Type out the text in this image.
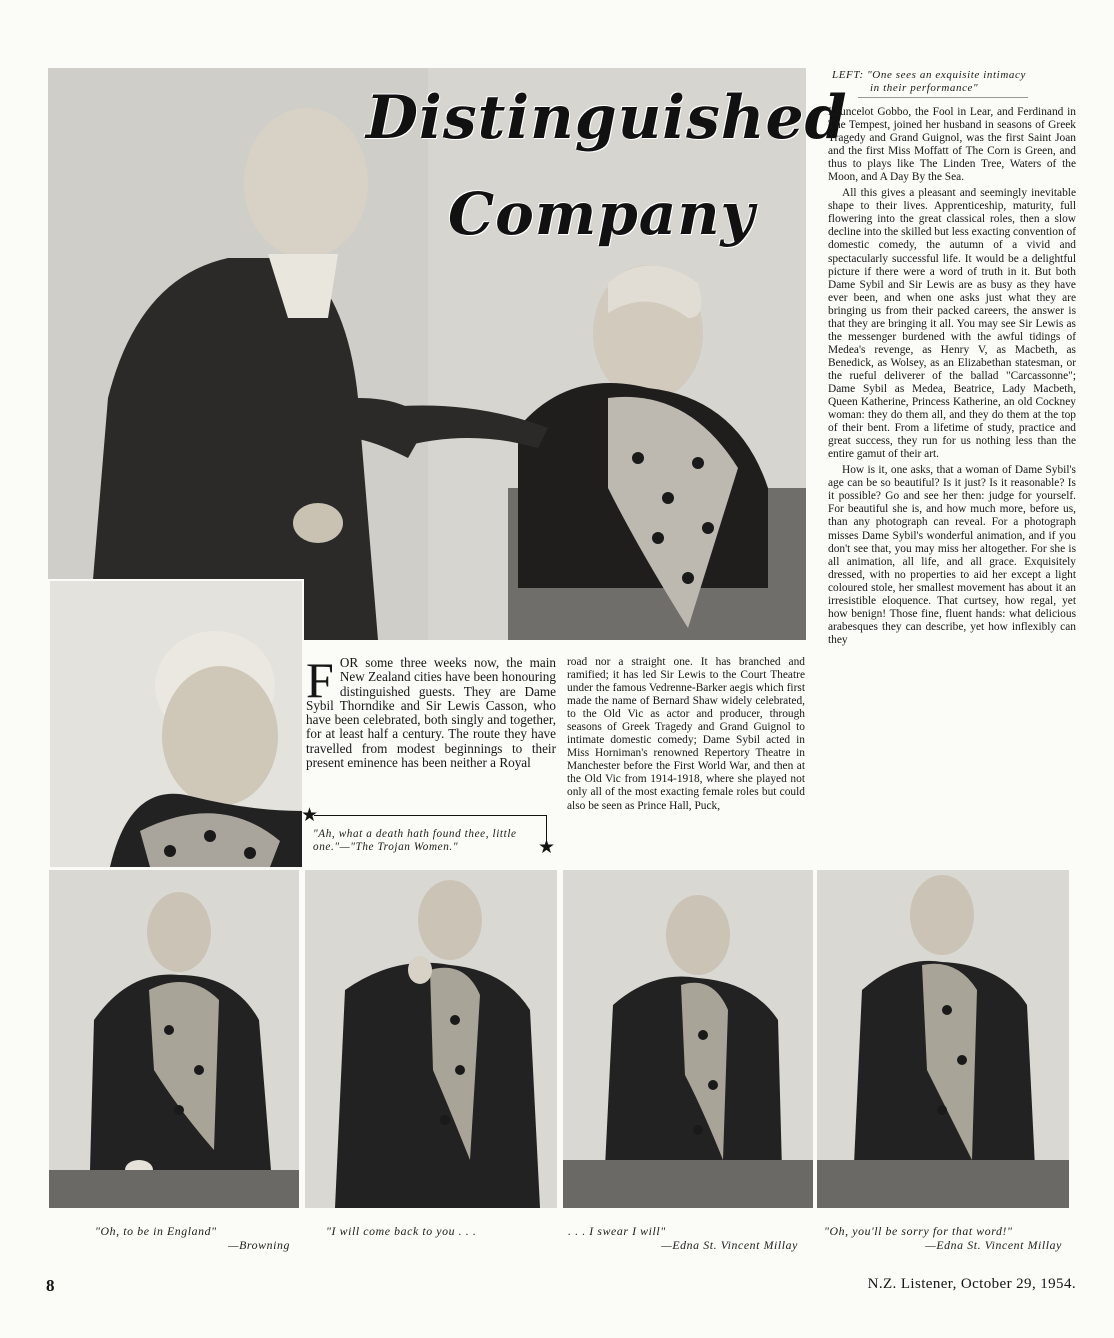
Distinguished
Company
LEFT: "One sees an exquisite intimacy
in their performance"

Launcelot Gobbo, the Fool in Lear, and Ferdinand in The Tempest, joined her husband in seasons of Greek Tragedy and Grand Guignol, was the first Saint Joan and the first Miss Moffatt of The Corn is Green, and thus to plays like The Linden Tree, Waters of the Moon, and A Day By the Sea.

All this gives a pleasant and seemingly inevitable shape to their lives. Apprenticeship, maturity, full flowering into the great classical roles, then a slow decline into the skilled but less exacting convention of domestic comedy, the autumn of a vivid and spectacularly successful life. It would be a delightful picture if there were a word of truth in it. But both Dame Sybil and Sir Lewis are as busy as they have ever been, and when one asks just what they are bringing us from their packed careers, the answer is that they are bringing it all. You may see Sir Lewis as the messenger burdened with the awful tidings of Medea's revenge, as Henry V, as Macbeth, as Benedick, as Wolsey, as an Elizabethan statesman, or the rueful deliverer of the ballad "Carcassonne"; Dame Sybil as Medea, Beatrice, Lady Macbeth, Queen Katherine, Princess Katherine, an old Cockney woman: they do them all, and they do them at the top of their bent. From a lifetime of study, practice and great success, they run for us nothing less than the entire gamut of their art.

How is it, one asks, that a woman of Dame Sybil's age can be so beautiful? Is it just? Is it reasonable? Is it possible? Go and see her then: judge for yourself. For beautiful she is, and how much more, before us, than any photograph can reveal. For a photograph misses Dame Sybil's wonderful animation, and if you don't see that, you may miss her altogether. For she is all animation, all life, and all grace. Exquisitely dressed, with no properties to aid her except a light coloured stole, her smallest movement has about it an irresistible eloquence. That curtsey, how regal, yet how benign! Those fine, fluent hands: what delicious arabesques they can describe, yet how inflexibly can they

FOR some three weeks now, the main New Zealand cities have been honouring distinguished guests. They are Dame Sybil Thorndike and Sir Lewis Casson, who have been celebrated, both singly and together, for at least half a century. The route they have travelled from modest beginnings to their present eminence has been neither a Royal
★
★
"Ah, what a death hath found thee, little one."—"The Trojan Women."

road nor a straight one. It has branched and ramified; it has led Sir Lewis to the Court Theatre under the famous Vedrenne-Barker aegis which first made the name of Bernard Shaw widely celebrated, to the Old Vic as actor and producer, through seasons of Greek Tragedy and Grand Guignol to intimate domestic comedy; Dame Sybil acted in Miss Horniman's renowned Repertory Theatre in Manchester before the First World War, and then at the Old Vic from 1914-1918, where she played not only all of the most exacting female roles but could also be seen as Prince Hall, Puck,

"Oh, to be in England"
—Browning
"I will come back to you . . .	. . . I swear I will"
—Edna St. Vincent Millay
"Oh, you'll be sorry for that word!"
—Edna St. Vincent Millay
8	N.Z. Listener, October 29, 1954.
